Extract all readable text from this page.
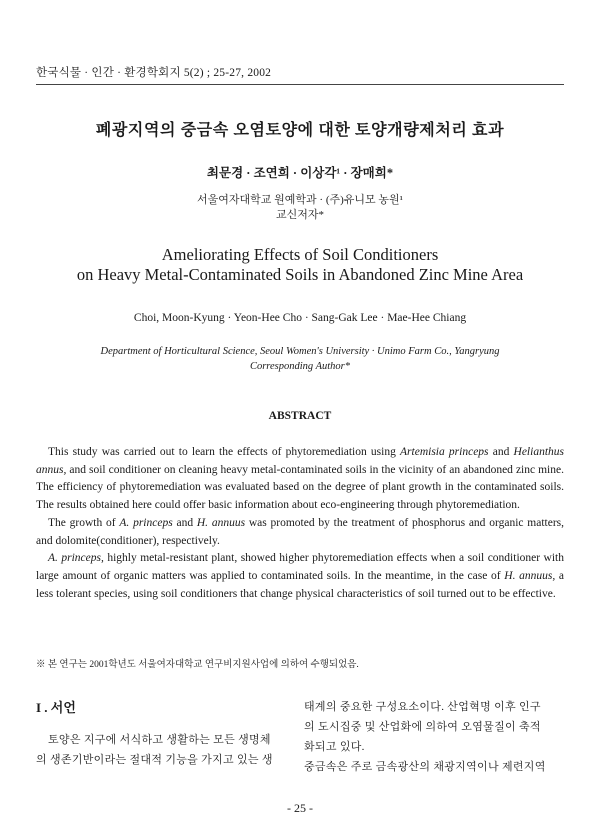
한국식물 · 인간 · 환경학회지 5(2) ; 25-27, 2002
폐광지역의 중금속 오염토양에 대한 토양개량제처리 효과
최문경 · 조연희 · 이상각¹ · 장매희*
서울여자대학교 원예학과 · (주)유니모 농원¹
교신저자*
Ameliorating Effects of Soil Conditioners
on Heavy Metal-Contaminated Soils in Abandoned Zinc Mine Area
Choi, Moon-Kyung · Yeon-Hee Cho · Sang-Gak Lee · Mae-Hee Chiang
Department of Horticultural Science, Seoul Women's University · Unimo Farm Co., Yangryung
Corresponding Author*
ABSTRACT

This study was carried out to learn the effects of phytoremediation using Artemisia princeps and Helianthus annus, and soil conditioner on cleaning heavy metal-contaminated soils in the vicinity of an abandoned zinc mine. The efficiency of phytoremediation was evaluated based on the degree of plant growth in the contaminated soils. The results obtained here could offer basic information about eco-engineering through phytoremediation.

The growth of A. princeps and H. annuus was promoted by the treatment of phosphorus and organic matters, and dolomite(conditioner), respectively.

A. princeps, highly metal-resistant plant, showed higher phytoremediation effects when a soil conditioner with large amount of organic matters was applied to contaminated soils. In the meantime, in the case of H. annuus, a less tolerant species, using soil conditioners that change physical characteristics of soil turned out to be effective.

※ 본 연구는 2001학년도 서울여자대학교 연구비지원사업에 의하여 수행되었음.
I . 서언

토양은 지구에 서식하고 생활하는 모든 생명체

의 생존기반이라는 절대적 기능을 가지고 있는 생

태계의 중요한 구성요소이다. 산업혁명 이후 인구

의 도시집중 및 산업화에 의하여 오염물질이 축적

화되고 있다.

중금속은 주로 금속광산의 채광지역이나 제련지역

- 25 -
